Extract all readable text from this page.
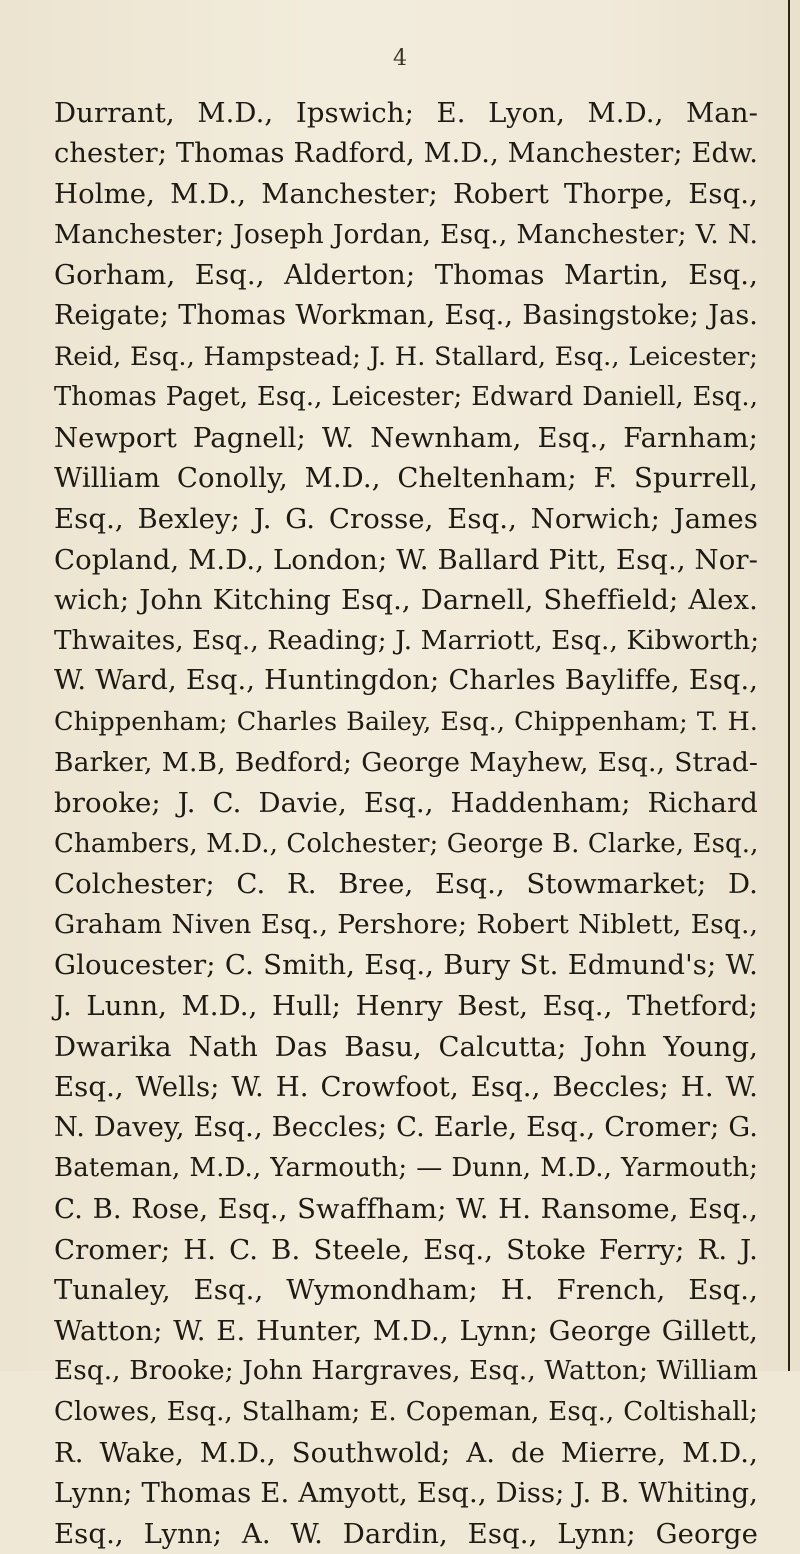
4
Durrant, M.D., Ipswich; E. Lyon, M.D., Man-
chester; Thomas Radford, M.D., Manchester; Edw.
Holme, M.D., Manchester; Robert Thorpe, Esq.,
Manchester; Joseph Jordan, Esq., Manchester; V. N.
Gorham, Esq., Alderton; Thomas Martin, Esq.,
Reigate; Thomas Workman, Esq., Basingstoke; Jas.
Reid, Esq., Hampstead; J. H. Stallard, Esq., Leicester;
Thomas Paget, Esq., Leicester; Edward Daniell, Esq.,
Newport Pagnell; W. Newnham, Esq., Farnham;
William Conolly, M.D., Cheltenham; F. Spurrell,
Esq., Bexley; J. G. Crosse, Esq., Norwich; James
Copland, M.D., London; W. Ballard Pitt, Esq., Nor-
wich; John Kitching Esq., Darnell, Sheffield; Alex.
Thwaites, Esq., Reading; J. Marriott, Esq., Kibworth;
W. Ward, Esq., Huntingdon; Charles Bayliffe, Esq.,
Chippenham; Charles Bailey, Esq., Chippenham; T. H.
Barker, M.B, Bedford; George Mayhew, Esq., Strad-
brooke; J. C. Davie, Esq., Haddenham; Richard
Chambers, M.D., Colchester; George B. Clarke, Esq.,
Colchester; C. R. Bree, Esq., Stowmarket; D.
Graham Niven Esq., Pershore; Robert Niblett, Esq.,
Gloucester; C. Smith, Esq., Bury St. Edmund's; W.
J. Lunn, M.D., Hull; Henry Best, Esq., Thetford;
Dwarika Nath Das Basu, Calcutta; John Young,
Esq., Wells; W. H. Crowfoot, Esq., Beccles; H. W.
N. Davey, Esq., Beccles; C. Earle, Esq., Cromer; G.
Bateman, M.D., Yarmouth; — Dunn, M.D., Yarmouth;
C. B. Rose, Esq., Swaffham; W. H. Ransome, Esq.,
Cromer; H. C. B. Steele, Esq., Stoke Ferry; R. J.
Tunaley, Esq., Wymondham; H. French, Esq.,
Watton; W. E. Hunter, M.D., Lynn; George Gillett,
Esq., Brooke; John Hargraves, Esq., Watton; William
Clowes, Esq., Stalham; E. Copeman, Esq., Coltishall;
R. Wake, M.D., Southwold; A. de Mierre, M.D.,
Lynn; Thomas E. Amyott, Esq., Diss; J. B. Whiting,
Esq., Lynn; A. W. Dardin, Esq., Lynn; George
